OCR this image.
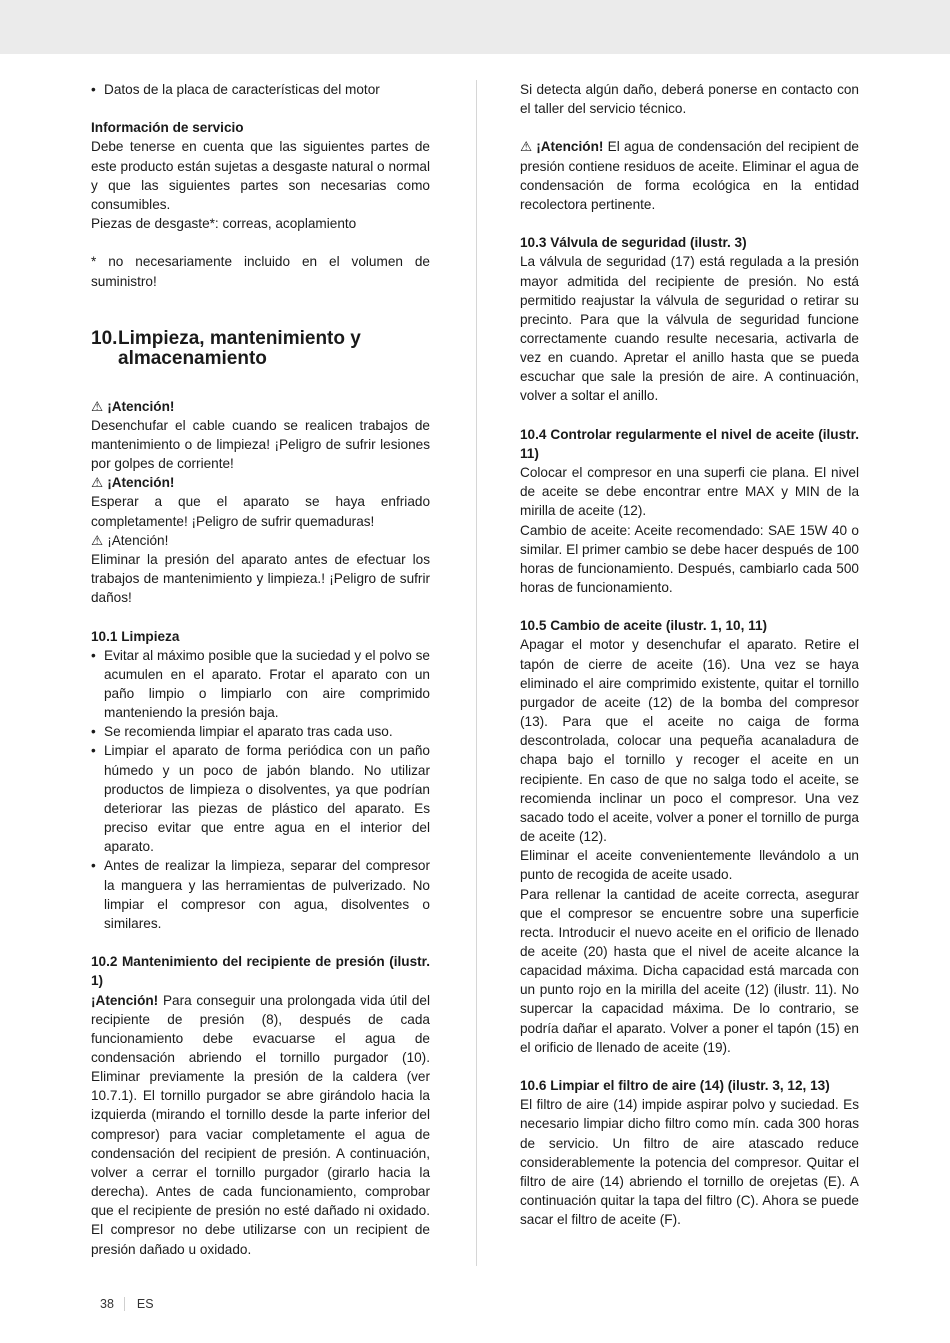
• Datos de la placa de características del motor

Información de servicio

Debe tenerse en cuenta que las siguientes partes de este producto están sujetas a desgaste natural o normal y que las siguientes partes son necesarias como consumibles.

Piezas de desgaste*: correas, acoplamiento

* no necesariamente incluido en el volumen de suministro!

10. Limpieza, mantenimiento y almacenamiento

⚠ ¡Atención!

Desenchufar el cable cuando se realicen trabajos de mantenimiento o de limpieza! ¡Peligro de sufrir lesiones por golpes de corriente!

⚠ ¡Atención!

Esperar a que el aparato se haya enfriado completamente! ¡Peligro de sufrir quemaduras!

⚠ ¡Atención!

Eliminar la presión del aparato antes de efectuar los trabajos de mantenimiento y limpieza.! ¡Peligro de sufrir daños!

10.1 Limpieza

• Evitar al máximo posible que la suciedad y el polvo se acumulen en el aparato. Frotar el aparato con un paño limpio o limpiarlo con aire comprimido manteniendo la presión baja.
• Se recomienda limpiar el aparato tras cada uso.
• Limpiar el aparato de forma periódica con un paño húmedo y un poco de jabón blando. No utilizar productos de limpieza o disolventes, ya que podrían deteriorar las piezas de plástico del aparato. Es preciso evitar que entre agua en el interior del aparato.
• Antes de realizar la limpieza, separar del compresor la manguera y las herramientas de pulverizado. No limpiar el compresor con agua, disolventes o similares.

10.2 Mantenimiento del recipiente de presión (ilustr. 1)

¡Atención! Para conseguir una prolongada vida útil del recipiente de presión (8), después de cada funcionamiento debe evacuarse el agua de condensación abriendo el tornillo purgador (10). Eliminar previamente la presión de la caldera (ver 10.7.1). El tornillo purgador se abre girándolo hacia la izquierda (mirando el tornillo desde la parte inferior del compresor) para vaciar completamente el agua de condensación del recipient de presión. A continuación, volver a cerrar el tornillo purgador (girarlo hacia la derecha). Antes de cada funcionamiento, comprobar que el recipiente de presión no esté dañado ni oxidado. El compresor no debe utilizarse con un recipient de presión dañado u oxidado.

Si detecta algún daño, deberá ponerse en contacto con el taller del servicio técnico.

⚠ ¡Atención! El agua de condensación del recipient de presión contiene residuos de aceite. Eliminar el agua de condensación de forma ecológica en la entidad recolectora pertinente.

10.3 Válvula de seguridad (ilustr. 3)

La válvula de seguridad (17) está regulada a la presión mayor admitida del recipiente de presión. No está permitido reajustar la válvula de seguridad o retirar su precinto. Para que la válvula de seguridad funcione correctamente cuando resulte necesaria, activarla de vez en cuando. Apretar el anillo hasta que se pueda escuchar que sale la presión de aire. A continuación, volver a soltar el anillo.

10.4 Controlar regularmente el nivel de aceite (ilustr. 11)

Colocar el compresor en una superfi cie plana. El nivel de aceite se debe encontrar entre MAX y MIN de la mirilla de aceite (12).

Cambio de aceite: Aceite recomendado: SAE 15W 40 o similar. El primer cambio se debe hacer después de 100 horas de funcionamiento. Después, cambiarlo cada 500 horas de funcionamiento.

10.5 Cambio de aceite (ilustr. 1, 10, 11)

Apagar el motor y desenchufar el aparato. Retire el tapón de cierre de aceite (16). Una vez se haya eliminado el aire comprimido existente, quitar el tornillo purgador de aceite (12) de la bomba del compresor (13). Para que el aceite no caiga de forma descontrolada, colocar una pequeña acanaladura de chapa bajo el tornillo y recoger el aceite en un recipiente. En caso de que no salga todo el aceite, se recomienda inclinar un poco el compresor. Una vez sacado todo el aceite, volver a poner el tornillo de purga de aceite (12).

Eliminar el aceite convenientemente llevándolo a un punto de recogida de aceite usado.

Para rellenar la cantidad de aceite correcta, asegurar que el compresor se encuentre sobre una superficie recta. Introducir el nuevo aceite en el orificio de llenado de aceite (20) hasta que el nivel de aceite alcance la capacidad máxima. Dicha capacidad está marcada con un punto rojo en la mirilla del aceite (12) (ilustr. 11). No supercar la capacidad máxima. De lo contrario, se podría dañar el aparato. Volver a poner el tapón (15) en el orificio de llenado de aceite (19).

10.6 Limpiar el filtro de aire (14) (ilustr. 3, 12, 13)

El filtro de aire (14) impide aspirar polvo y suciedad. Es necesario limpiar dicho filtro como mín. cada 300 horas de servicio. Un filtro de aire atascado reduce considerablemente la potencia del compresor. Quitar el filtro de aire (14) abriendo el tornillo de orejetas (E). A continuación quitar la tapa del filtro (C). Ahora se puede sacar el filtro de aceite (F).

38	ES
